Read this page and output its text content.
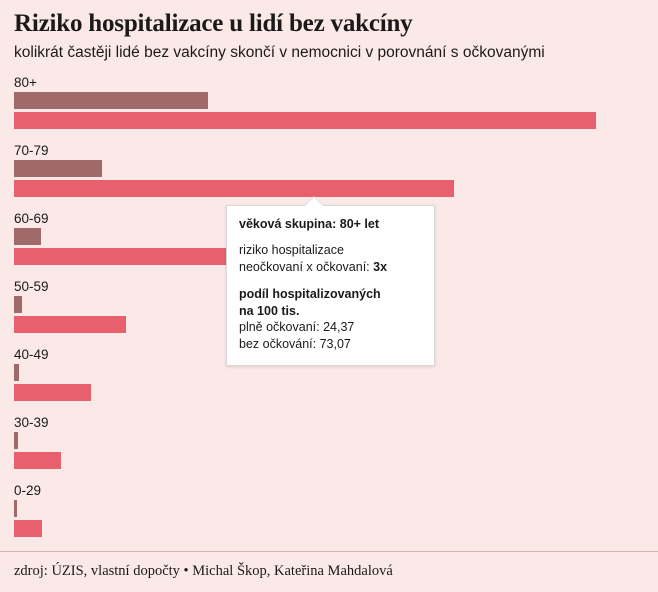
Riziko hospitalizace u lidí bez vakcíny
kolikrát častěji lidé bez vakcíny skončí v nemocnici v porovnání s očkovanými
80+
70-79
60-69
50-59
40-49
30-39
0-29
věková skupina: 80+ let
riziko hospitalizace
neočkovaní x očkovaní: 3x
podíl hospitalizovaných
na 100 tis.
plně očkovaní: 24,37
bez očkování: 73,07
zdroj: ÚZIS, vlastní dopočty • Michal Škop, Kateřina Mahdalová
